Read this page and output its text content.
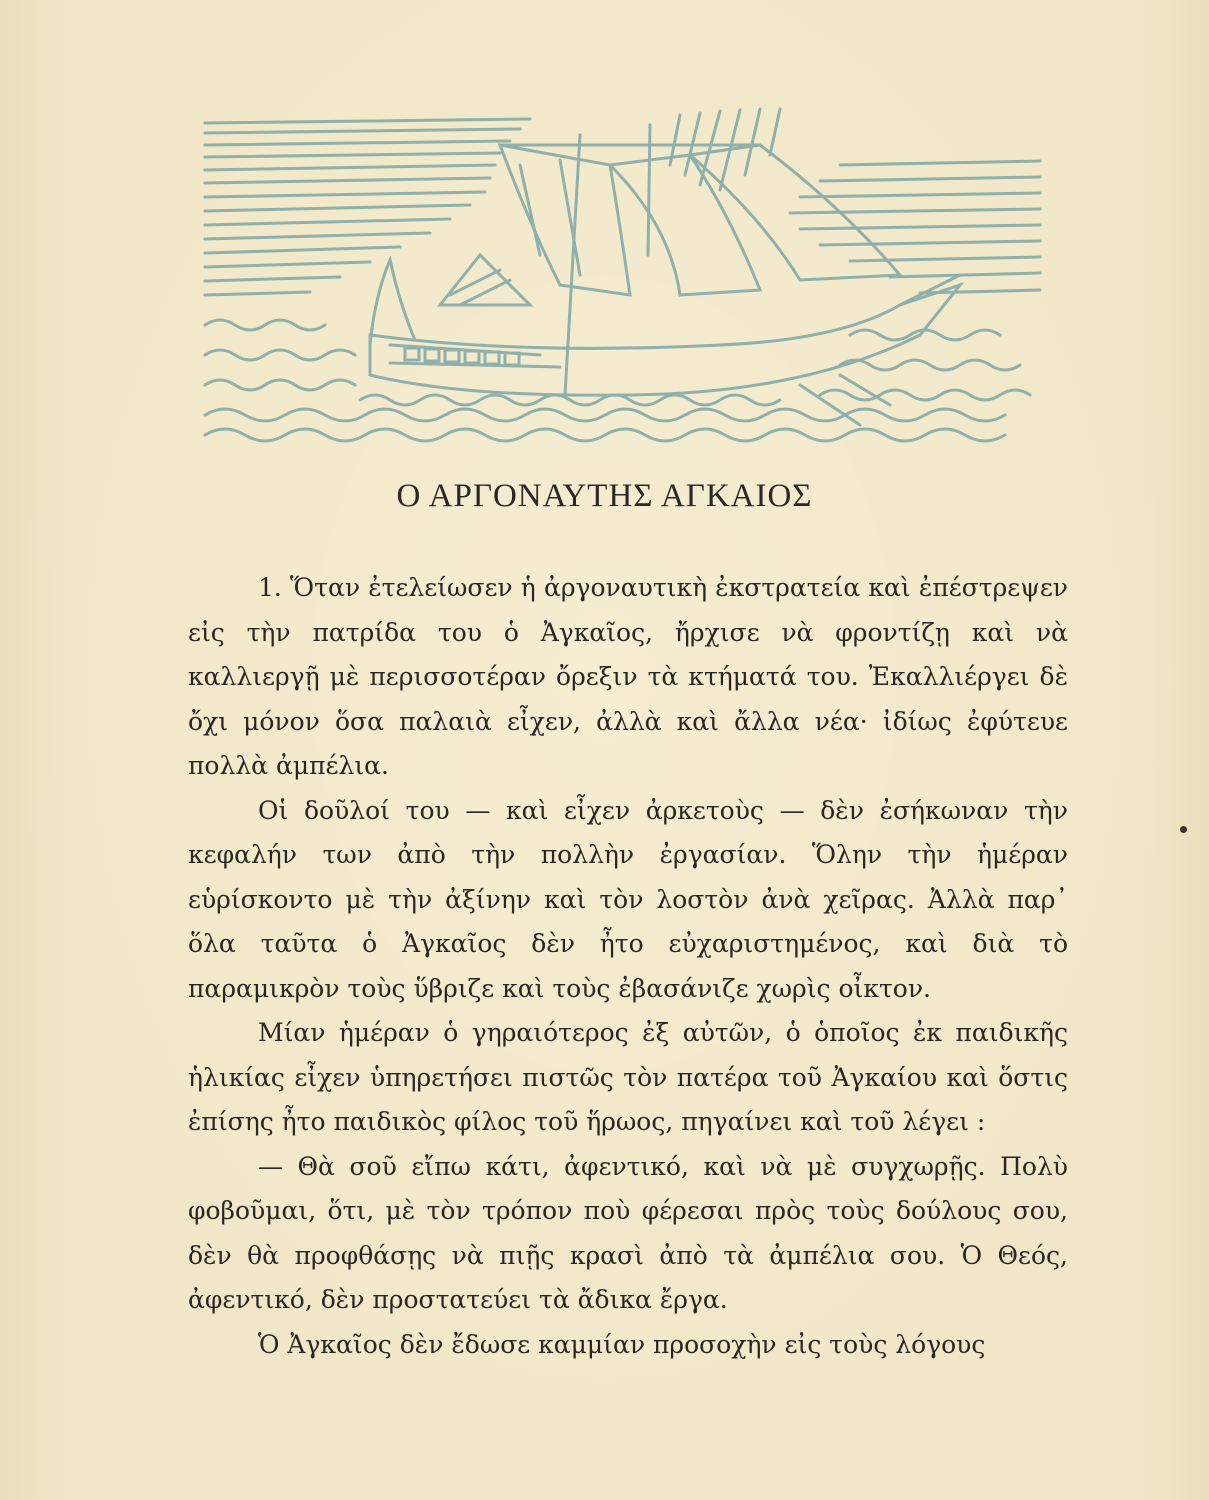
Ο ΑΡΓΟΝΑΥΤΗΣ ΑΓΚΑΙΟΣ

1. Ὅταν ἐτελείωσεν ἡ ἀργοναυτικὴ ἐκστρατεία καὶ ἐπέστρεψεν εἰς τὴν πατρίδα του ὁ Ἀγκαῖος, ἤρχισε νὰ φροντίζῃ καὶ νὰ καλλιεργῇ μὲ περισσοτέραν ὄρεξιν τὰ κτήματά του. Ἐκαλλιέργει δὲ ὄχι μόνον ὅσα παλαιὰ εἶχεν, ἀλλὰ καὶ ἄλλα νέα· ἰδίως ἐφύτευε πολλὰ ἀμπέλια.

Οἱ δοῦλοί του — καὶ εἶχεν ἀρκετοὺς — δὲν ἐσήκωναν τὴν κεφαλήν των ἀπὸ τὴν πολλὴν ἐργασίαν. Ὅλην τὴν ἡμέραν εὑρίσκοντο μὲ τὴν ἀξίνην καὶ τὸν λοστὸν ἀνὰ χεῖρας. Ἀλλὰ παρ᾽ ὅλα ταῦτα ὁ Ἀγκαῖος δὲν ἦτο εὐχαριστημένος, καὶ διὰ τὸ παραμικρὸν τοὺς ὕβριζε καὶ τοὺς ἐβασάνιζε χωρὶς οἶκτον.

Μίαν ἡμέραν ὁ γηραιότερος ἐξ αὐτῶν, ὁ ὁποῖος ἐκ παιδικῆς ἡλικίας εἶχεν ὑπηρετήσει πιστῶς τὸν πατέρα τοῦ Ἀγκαίου καὶ ὅστις ἐπίσης ἦτο παιδικὸς φίλος τοῦ ἥρωος, πηγαίνει καὶ τοῦ λέγει :

— Θὰ σοῦ εἴπω κάτι, ἀφεντικό, καὶ νὰ μὲ συγχωρῇς. Πολὺ φοβοῦμαι, ὅτι, μὲ τὸν τρόπον ποὺ φέρεσαι πρὸς τοὺς δούλους σου, δὲν θὰ προφθάσῃς νὰ πιῇς κρασὶ ἀπὸ τὰ ἀμπέλια σου. Ὁ Θεός, ἀφεντικό, δὲν προστατεύει τὰ ἄδικα ἔργα.

Ὁ Ἀγκαῖος δὲν ἔδωσε καμμίαν προσοχὴν εἰς τοὺς λόγους
